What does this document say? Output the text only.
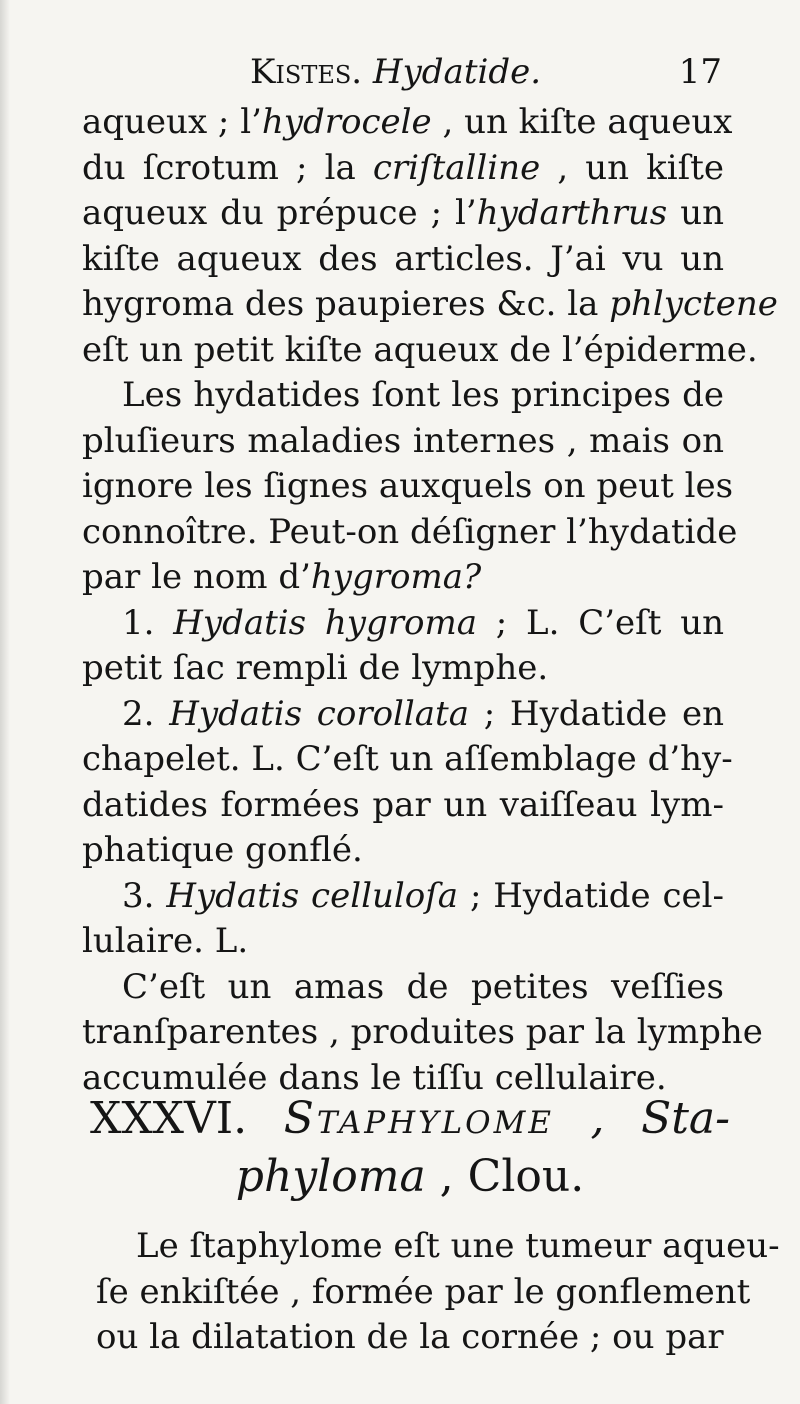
Kistes. Hydatide.	17
aqueux ; l’hydrocele , un kiſte aqueux
du ſcrotum ; la criſtalline , un kiſte
aqueux du prépuce ; l’hydarthrus un
kiſte aqueux des articles. J’ai vu un
hygroma des paupieres &c. la phlyctene
eſt un petit kiſte aqueux de l’épiderme.
Les hydatides ſont les principes de
pluſieurs maladies internes , mais on
ignore les ſignes auxquels on peut les
connoître. Peut-on déſigner l’hydatide
par le nom d’hygroma?
1. Hydatis hygroma ; L. C’eſt un
petit ſac rempli de lymphe.
2. Hydatis corollata ; Hydatide en
chapelet. L. C’eſt un aſſemblage d’hy-
datides formées par un vaiſſeau lym-
phatique gonflé.
3. Hydatis celluloſa ; Hydatide cel-
lulaire. L.
C’eſt un amas de petites veſſies
tranſparentes , produites par la lymphe
accumulée dans le tiſſu cellulaire.
XXXVI. Staphylome , Sta-
phyloma , Clou.
Le ſtaphylome eſt une tumeur aqueu-
ſe enkiſtée , formée par le gonflement
ou la dilatation de la cornée ; ou par
